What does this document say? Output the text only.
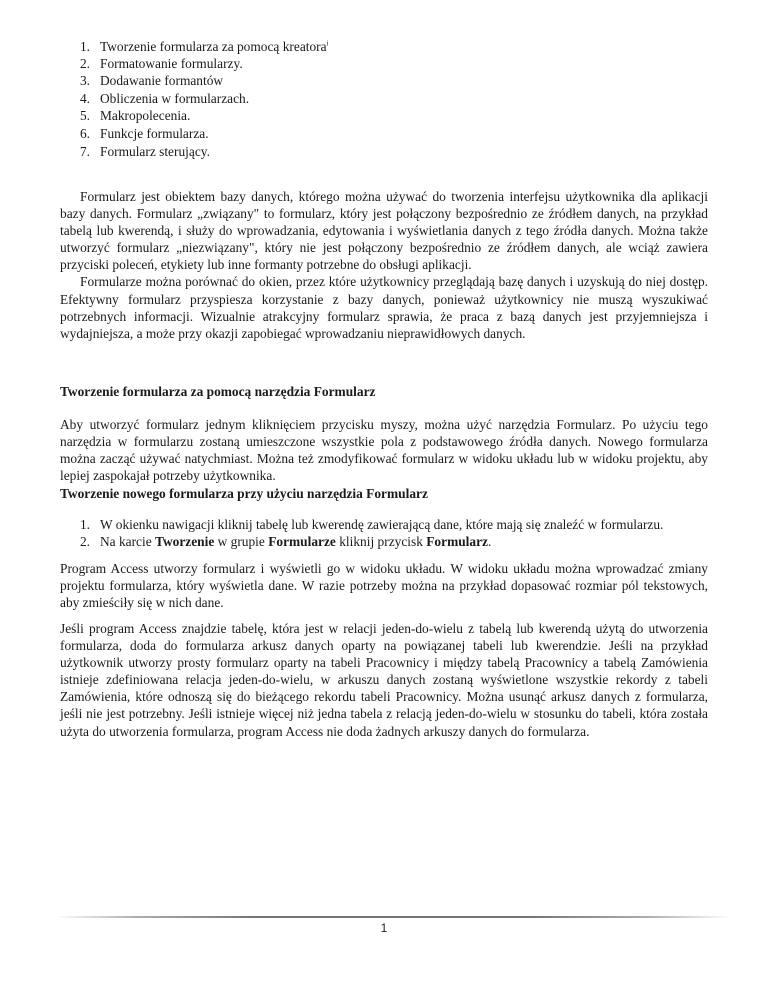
1. Tworzenie formularza za pomocą kreatora$^i$
2. Formatowanie formularzy.
3. Dodawanie formantów
4. Obliczenia w formularzach.
5. Makropolecenia.
6. Funkcje formularza.
7. Formularz sterujący.

Formularz jest obiektem bazy danych, którego można używać do tworzenia interfejsu użytkownika dla aplikacji bazy danych. Formularz „związany" to formularz, który jest połączony bezpośrednio ze źródłem danych, na przykład tabelą lub kwerendą, i służy do wprowadzania, edytowania i wyświetlania danych z tego źródła danych. Można także utworzyć formularz „niezwiązany", który nie jest połączony bezpośrednio ze źródłem danych, ale wciąż zawiera przyciski poleceń, etykiety lub inne formanty potrzebne do obsługi aplikacji.

Formularze można porównać do okien, przez które użytkownicy przeglądają bazę danych i uzyskują do niej dostęp. Efektywny formularz przyspiesza korzystanie z bazy danych, ponieważ użytkownicy nie muszą wyszukiwać potrzebnych informacji. Wizualnie atrakcyjny formularz sprawia, że praca z bazą danych jest przyjemniejsza i wydajniejsza, a może przy okazji zapobiegać wprowadzaniu nieprawidłowych danych.

Tworzenie formularza za pomocą narzędzia Formularz

Aby utworzyć formularz jednym kliknięciem przycisku myszy, można użyć narzędzia Formularz. Po użyciu tego narzędzia w formularzu zostaną umieszczone wszystkie pola z podstawowego źródła danych. Nowego formularza można zacząć używać natychmiast. Można też zmodyfikować formularz w widoku układu lub w widoku projektu, aby lepiej zaspokajał potrzeby użytkownika.

Tworzenie nowego formularza przy użyciu narzędzia Formularz
1. W okienku nawigacji kliknij tabelę lub kwerendę zawierającą dane, które mają się znaleźć w formularzu.
2. Na karcie Tworzenie w grupie Formularze kliknij przycisk Formularz.

Program Access utworzy formularz i wyświetli go w widoku układu. W widoku układu można wprowadzać zmiany projektu formularza, który wyświetla dane. W razie potrzeby można na przykład dopasować rozmiar pól tekstowych, aby zmieściły się w nich dane.

Jeśli program Access znajdzie tabelę, która jest w relacji jeden-do-wielu z tabelą lub kwerendą użytą do utworzenia formularza, doda do formularza arkusz danych oparty na powiązanej tabeli lub kwerendzie. Jeśli na przykład użytkownik utworzy prosty formularz oparty na tabeli Pracownicy i między tabelą Pracownicy a tabelą Zamówienia istnieje zdefiniowana relacja jeden-do-wielu, w arkuszu danych zostaną wyświetlone wszystkie rekordy z tabeli Zamówienia, które odnoszą się do bieżącego rekordu tabeli Pracownicy. Można usunąć arkusz danych z formularza, jeśli nie jest potrzebny. Jeśli istnieje więcej niż jedna tabela z relacją jeden-do-wielu w stosunku do tabeli, która została użyta do utworzenia formularza, program Access nie doda żadnych arkuszy danych do formularza.

1
